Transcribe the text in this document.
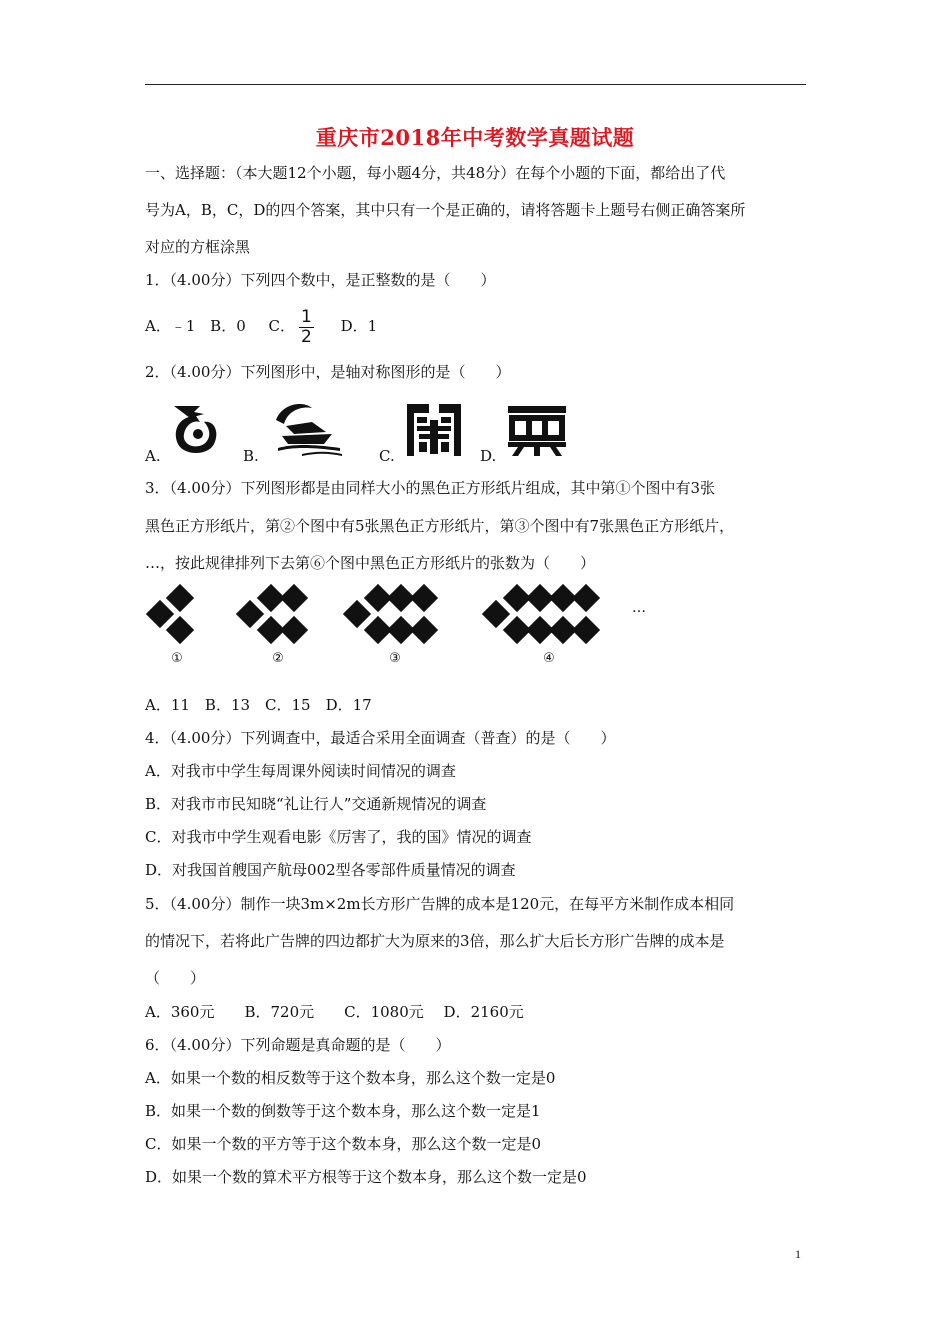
重庆市2018年中考数学真题试题
一、选择题：（本大题12个小题，每小题4分，共48分）在每个小题的下面，都给出了代
号为A，B，C，D的四个答案，其中只有一个是正确的，请将答题卡上题号右侧正确答案所
对应的方框涂黑
1．（4.00分）下列四个数中，是正整数的是（　　）
A．﹣1 B．0 C． $\frac{1}{2}$ D．1
2．（4.00分）下列图形中，是轴对称图形的是（　　）
A.	B.	C.	D.
3．（4.00分）下列图形都是由同样大小的黑色正方形纸片组成，其中第①个图中有3张
黑色正方形纸片，第②个图中有5张黑色正方形纸片，第③个图中有7张黑色正方形纸片，
…，按此规律排列下去第⑥个图中黑色正方形纸片的张数为（　　）
…
①	②	③	④
A．11　B．13　C．15　D．17
4．（4.00分）下列调查中，最适合采用全面调查（普查）的是（　　）
A．对我市中学生每周课外阅读时间情况的调查
B．对我市市民知晓“礼让行人”交通新规情况的调查
C．对我市中学生观看电影《厉害了，我的国》情况的调查
D．对我国首艘国产航母002型各零部件质量情况的调查
5．（4.00分）制作一块3m×2m长方形广告牌的成本是120元，在每平方米制作成本相同
的情况下，若将此广告牌的四边都扩大为原来的3倍，那么扩大后长方形广告牌的成本是
（　　）
A．360元　　B．720元　　C．1080元　 D．2160元
6．（4.00分）下列命题是真命题的是（　　）
A．如果一个数的相反数等于这个数本身，那么这个数一定是0
B．如果一个数的倒数等于这个数本身，那么这个数一定是1
C．如果一个数的平方等于这个数本身，那么这个数一定是0
D．如果一个数的算术平方根等于这个数本身，那么这个数一定是0
1
